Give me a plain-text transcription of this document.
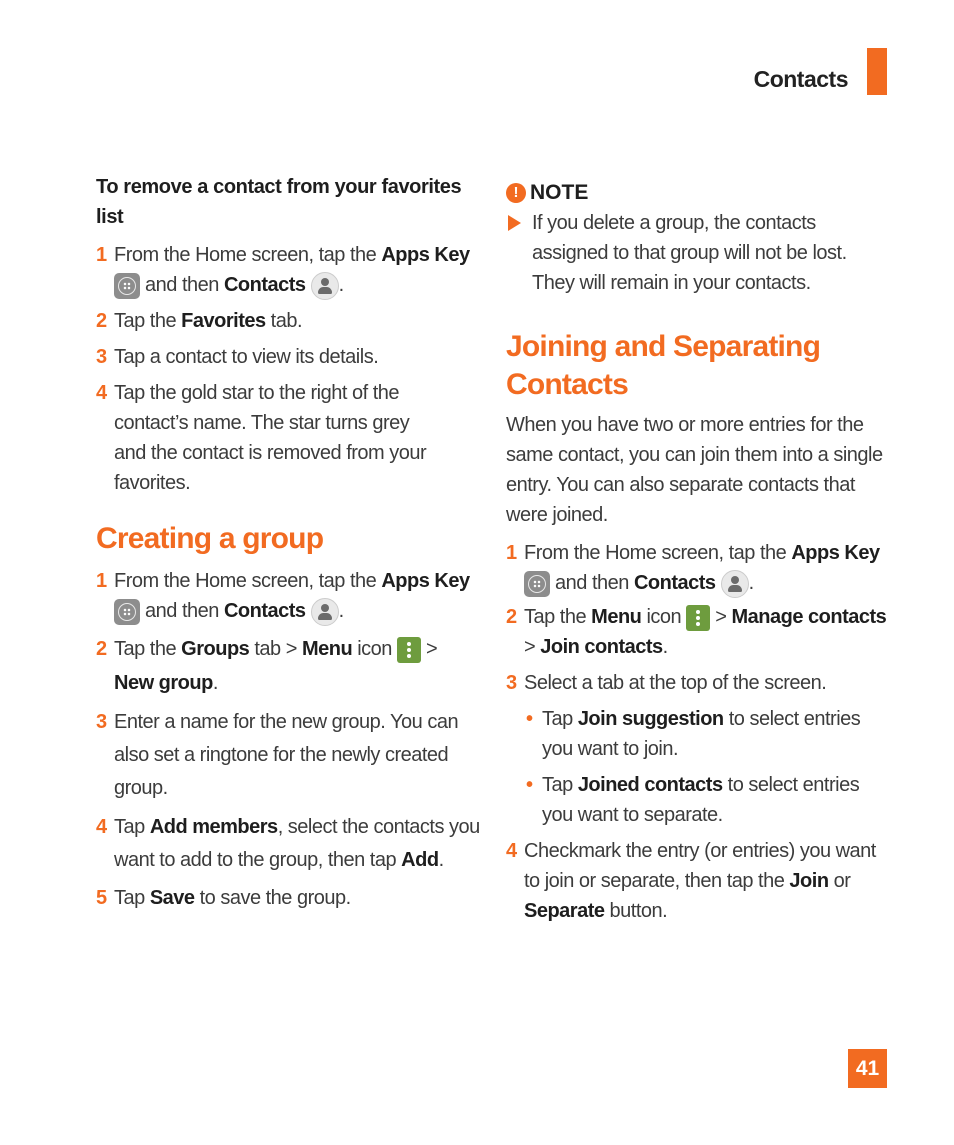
Contacts
To remove a contact from your favorites list
1 From the Home screen, tap the Apps Key
and then Contacts .
2 Tap the Favorites tab.
3 Tap a contact to view its details.
4 Tap the gold star to the right of the contact’s name. The star turns grey and the contact is removed from your favorites.
Creating a group
1 From the Home screen, tap the Apps Key
and then Contacts .
2 Tap the Groups tab > Menu icon  >
New group.
3 Enter a name for the new group. You can also set a ringtone for the newly created group.
4 Tap Add members, select the contacts you want to add to the group, then tap Add.
5 Tap Save to save the group.
! NOTE
If you delete a group, the contacts assigned to that group will not be lost. They will remain in your contacts.
Joining and Separating Contacts
When you have two or more entries for the same contact, you can join them into a single entry. You can also separate contacts that were joined.
1 From the Home screen, tap the Apps Key
and then Contacts .
2 Tap the Menu icon  > Manage contacts > Join contacts.
3 Select a tab at the top of the screen.
• Tap Join suggestion to select entries you want to join.
• Tap Joined contacts to select entries you want to separate.
4 Checkmark the entry (or entries) you want to join or separate, then tap the Join or Separate button.
41
